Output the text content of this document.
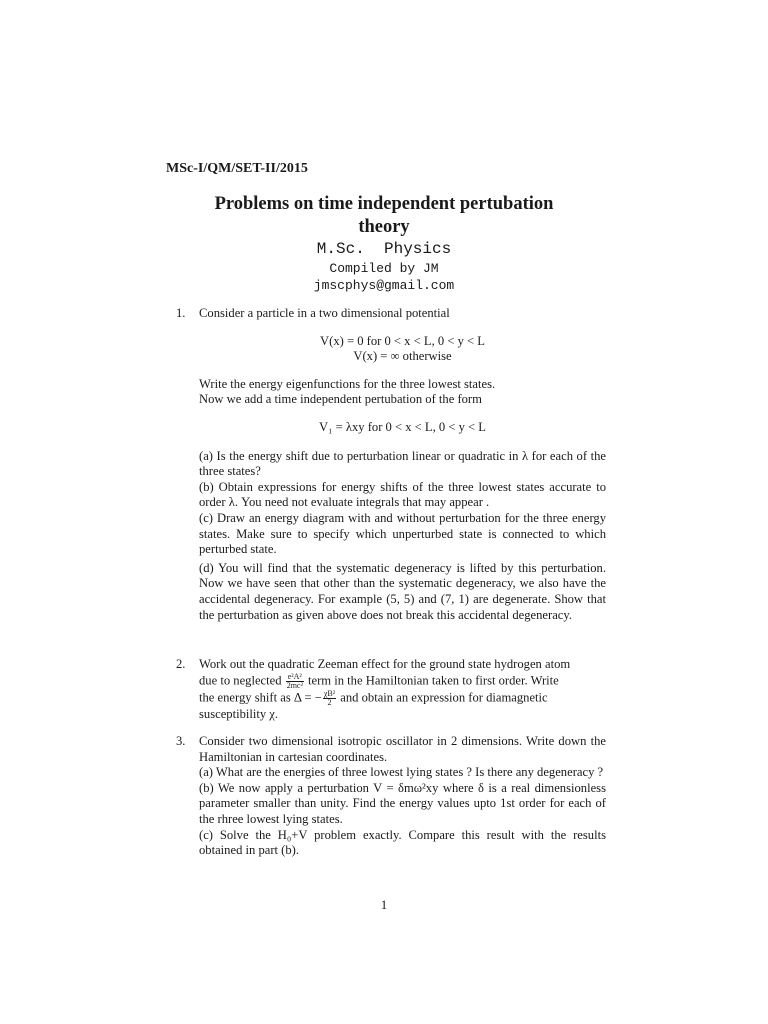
MSc-I/QM/SET-II/2015
Problems on time independent pertubation
theory
M.Sc.  Physics
Compiled by JM
jmscphys@gmail.com
1. Consider a particle in a two dimensional potential
V(x) = 0 for 0 < x < L, 0 < y < L
V(x) = ∞ otherwise
Write the energy eigenfunctions for the three lowest states.
Now we add a time independent pertubation of the form
V₁ = λxy for 0 < x < L, 0 < y < L
(a) Is the energy shift due to perturbation linear or quadratic in λ for each of the three states?
(b) Obtain expressions for energy shifts of the three lowest states accurate to order λ. You need not evaluate integrals that may appear .
(c) Draw an energy diagram with and without perturbation for the three energy states. Make sure to specify which unperturbed state is connected to which perturbed state.
(d) You will find that the systematic degeneracy is lifted by this perturbation. Now we have seen that other than the systematic degeneracy, we also have the accidental degeneracy. For example (5, 5) and (7, 1) are degenerate. Show that the perturbation as given above does not break this accidental degeneracy.
2. Work out the quadratic Zeeman effect for the ground state hydrogen atom
due to neglected $\frac{\text{e²A²}}{\text{2mc²}}$ term in the Hamiltonian taken to first order. Write
the energy shift as Δ = − $\frac{\text{χB²}}{2}$ and obtain an expression for diamagnetic
susceptibility χ.
3. Consider two dimensional isotropic oscillator in 2 dimensions. Write down the Hamiltonian in cartesian coordinates.
(a) What are the energies of three lowest lying states ? Is there any degeneracy ?
(b) We now apply a perturbation V = δmω²xy where δ is a real dimensionless parameter smaller than unity. Find the energy values upto 1st order for each of the rhree lowest lying states.
(c) Solve the H₀+V problem exactly. Compare this result with the results obtained in part (b).
1
